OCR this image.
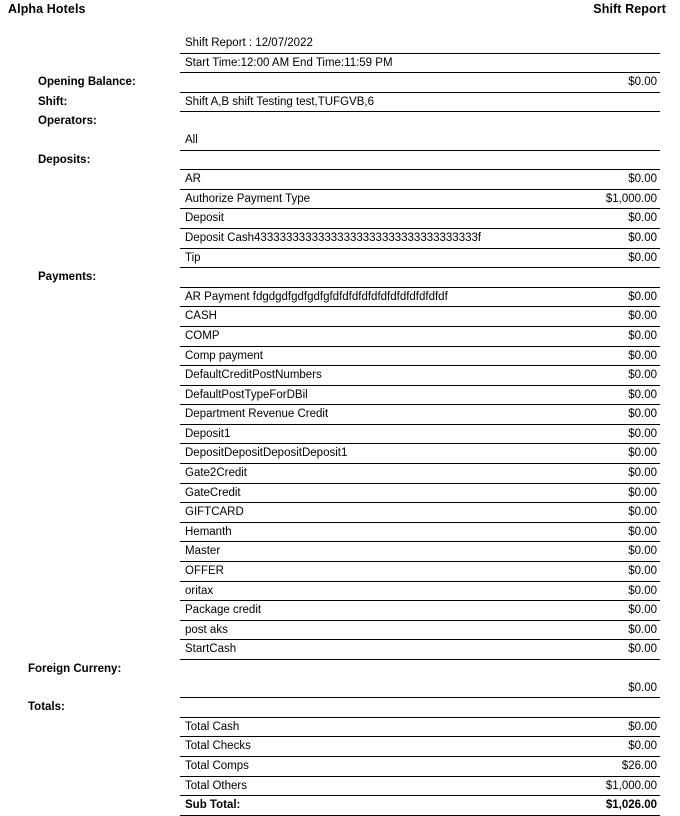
Alpha Hotels	Shift Report

Shift Report : 12/07/2022

Start Time:12:00 AM End Time:11:59 PM
Opening Balance:	$0.00
Shift:	Shift A,B shift Testing test,TUFGVB,6
Operators:
All
Deposits:
AR	$0.00
Authorize Payment Type	$1,000.00
Deposit	$0.00
Deposit Cash43333333333333333333333333333333333f	$0.00
Tip	$0.00
Payments:
AR Payment fdgdgdfgdfgdfgfdfdfdfdfdfdfdfdfdfdfdfdf	$0.00
CASH	$0.00
COMP	$0.00
Comp payment	$0.00
DefaultCreditPostNumbers	$0.00
DefaultPostTypeForDBil	$0.00
Department Revenue Credit	$0.00
Deposit1	$0.00
DepositDepositDepositDeposit1	$0.00
Gate2Credit	$0.00
GateCredit	$0.00
GIFTCARD	$0.00
Hemanth	$0.00
Master	$0.00
OFFER	$0.00
oritax	$0.00
Package credit	$0.00
post aks	$0.00
StartCash	$0.00
Foreign Curreny:
$0.00
Totals:
Total Cash	$0.00
Total Checks	$0.00
Total Comps	$26.00
Total Others	$1,000.00
Sub Total:	$1,026.00
